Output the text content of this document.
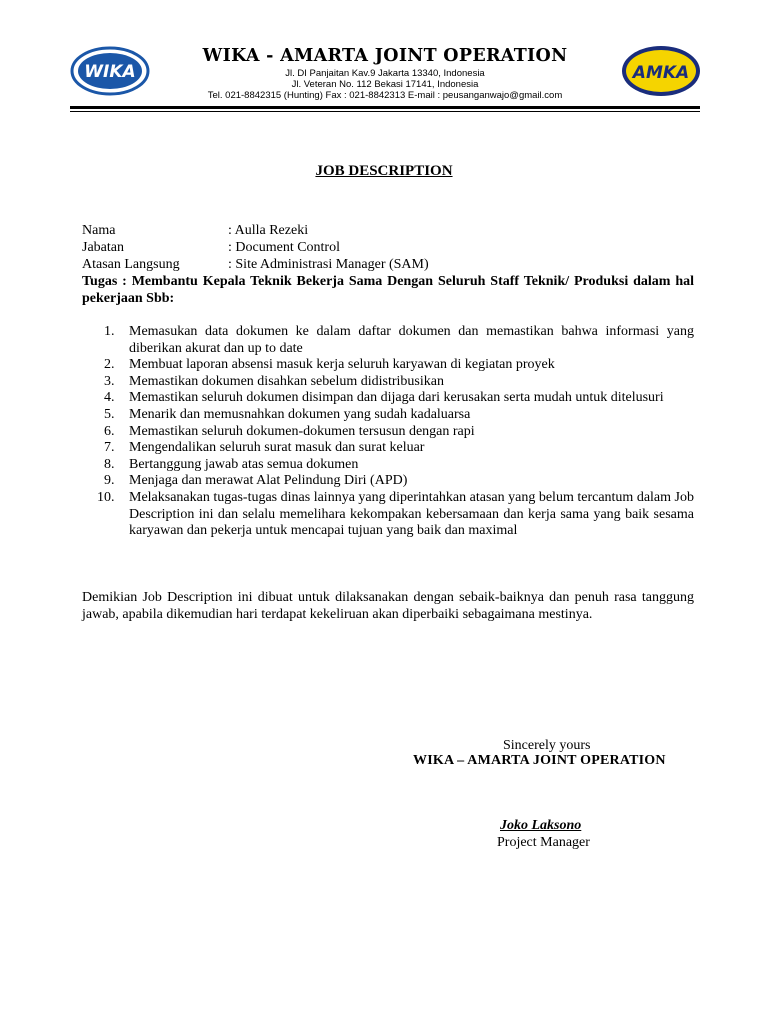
WIKA
WIKA - AMARTA JOINT OPERATION
Jl. DI Panjaitan Kav.9 Jakarta 13340, Indonesia
Jl. Veteran No. 112 Bekasi 17141, Indonesia
Tel. 021-8842315 (Hunting) Fax : 021-8842313 E-mail : peusanganwajo@gmail.com
AMKA
JOB DESCRIPTION
Nama	: Aulla Rezeki
Jabatan	: Document Control
Atasan Langsung	: Site Administrasi Manager (SAM)
Tugas : Membantu Kepala Teknik Bekerja Sama Dengan Seluruh Staff Teknik/ Produksi dalam hal pekerjaan Sbb:
1. Memasukan data dokumen ke dalam daftar dokumen dan memastikan bahwa informasi yang diberikan akurat dan up to date
2. Membuat laporan absensi masuk kerja seluruh karyawan di kegiatan proyek
3. Memastikan dokumen disahkan sebelum didistribusikan
4. Memastikan seluruh dokumen disimpan dan dijaga dari kerusakan serta mudah untuk ditelusuri
5. Menarik dan memusnahkan dokumen yang sudah kadaluarsa
6. Memastikan seluruh dokumen-dokumen tersusun dengan rapi
7. Mengendalikan seluruh surat masuk dan surat keluar
8. Bertanggung jawab atas semua dokumen
9. Menjaga dan merawat Alat Pelindung Diri (APD)
10. Melaksanakan tugas-tugas dinas lainnya yang diperintahkan atasan yang belum tercantum dalam Job Description ini dan selalu memelihara kekompakan kebersamaan dan kerja sama yang baik sesama karyawan dan pekerja untuk mencapai tujuan yang baik dan maximal
Demikian Job Description ini dibuat untuk dilaksanakan dengan sebaik-baiknya dan penuh rasa tanggung jawab, apabila dikemudian hari terdapat kekeliruan akan diperbaiki sebagaimana mestinya.
Sincerely yours
WIKA – AMARTA JOINT OPERATION
Joko Laksono
Project Manager
